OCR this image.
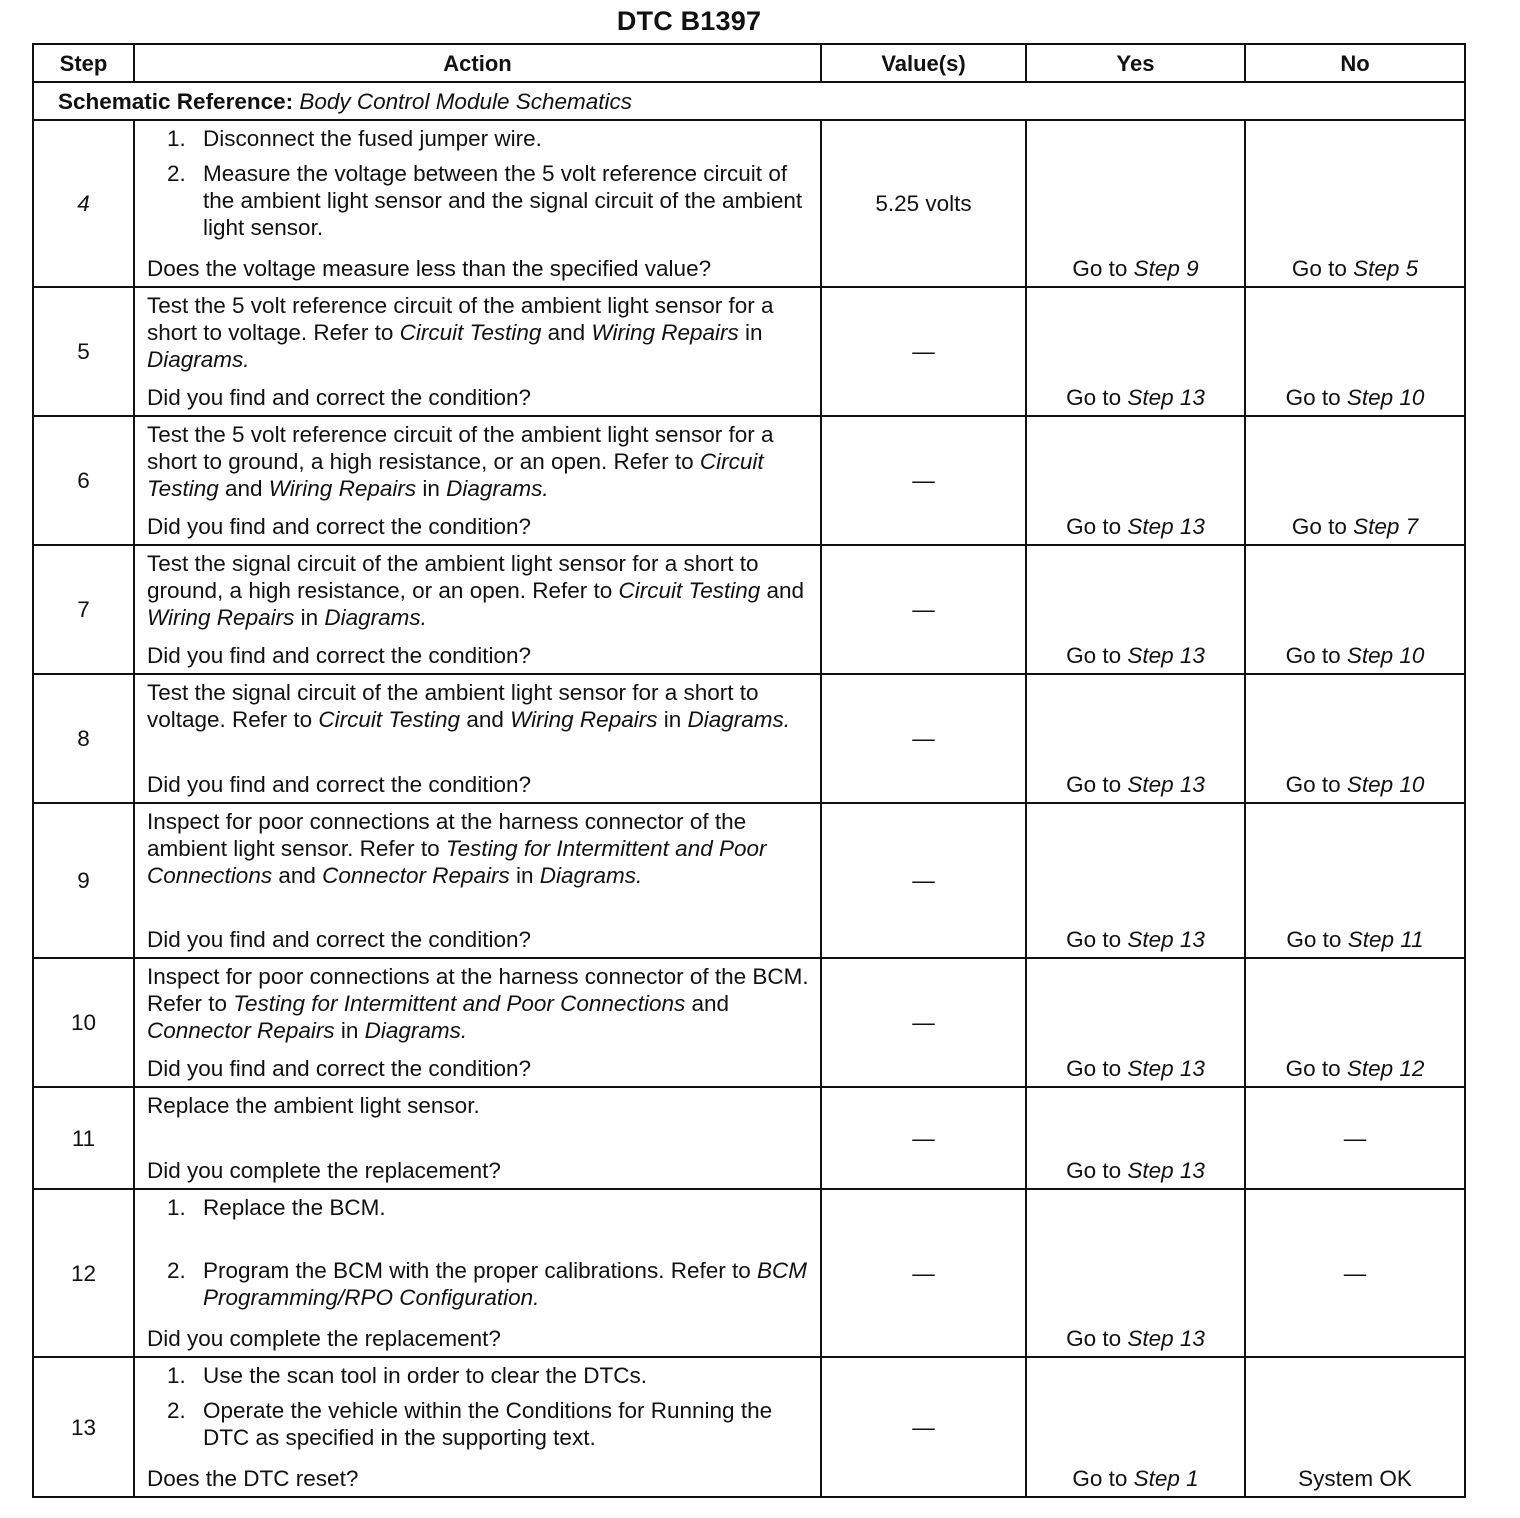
DTC B1397
Step	Action	Value(s)	Yes	No
Schematic Reference: Body Control Module Schematics				
4	1. Disconnect the fused jumper wire.
2. Measure the voltage between the 5 volt reference circuit of the ambient light sensor and the signal circuit of the ambient light sensor.
Does the voltage measure less than the specified value?	5.25 volts	Go to Step 9	Go to Step 5
5	Test the 5 volt reference circuit of the ambient light sensor for a short to voltage. Refer to Circuit Testing and Wiring Repairs in Diagrams.
Did you find and correct the condition?	—	Go to Step 13	Go to Step 10
6	Test the 5 volt reference circuit of the ambient light sensor for a short to ground, a high resistance, or an open. Refer to Circuit Testing and Wiring Repairs in Diagrams.
Did you find and correct the condition?	—	Go to Step 13	Go to Step 7
7	Test the signal circuit of the ambient light sensor for a short to ground, a high resistance, or an open. Refer to Circuit Testing and Wiring Repairs in Diagrams.
Did you find and correct the condition?	—	Go to Step 13	Go to Step 10
8	Test the signal circuit of the ambient light sensor for a short to voltage. Refer to Circuit Testing and Wiring Repairs in Diagrams.
Did you find and correct the condition?	—	Go to Step 13	Go to Step 10
9	Inspect for poor connections at the harness connector of the ambient light sensor. Refer to Testing for Intermittent and Poor Connections and Connector Repairs in Diagrams.
Did you find and correct the condition?	—	Go to Step 13	Go to Step 11
10	Inspect for poor connections at the harness connector of the BCM. Refer to Testing for Intermittent and Poor Connections and Connector Repairs in Diagrams.
Did you find and correct the condition?	—	Go to Step 13	Go to Step 12
11	Replace the ambient light sensor.
Did you complete the replacement?	—	Go to Step 13	—
12	1. Replace the BCM.
2. Program the BCM with the proper calibrations. Refer to BCM Programming/RPO Configuration.
Did you complete the replacement?	—	Go to Step 13	—
13	1. Use the scan tool in order to clear the DTCs.
2. Operate the vehicle within the Conditions for Running the DTC as specified in the supporting text.
Does the DTC reset?	—	Go to Step 1	System OK
